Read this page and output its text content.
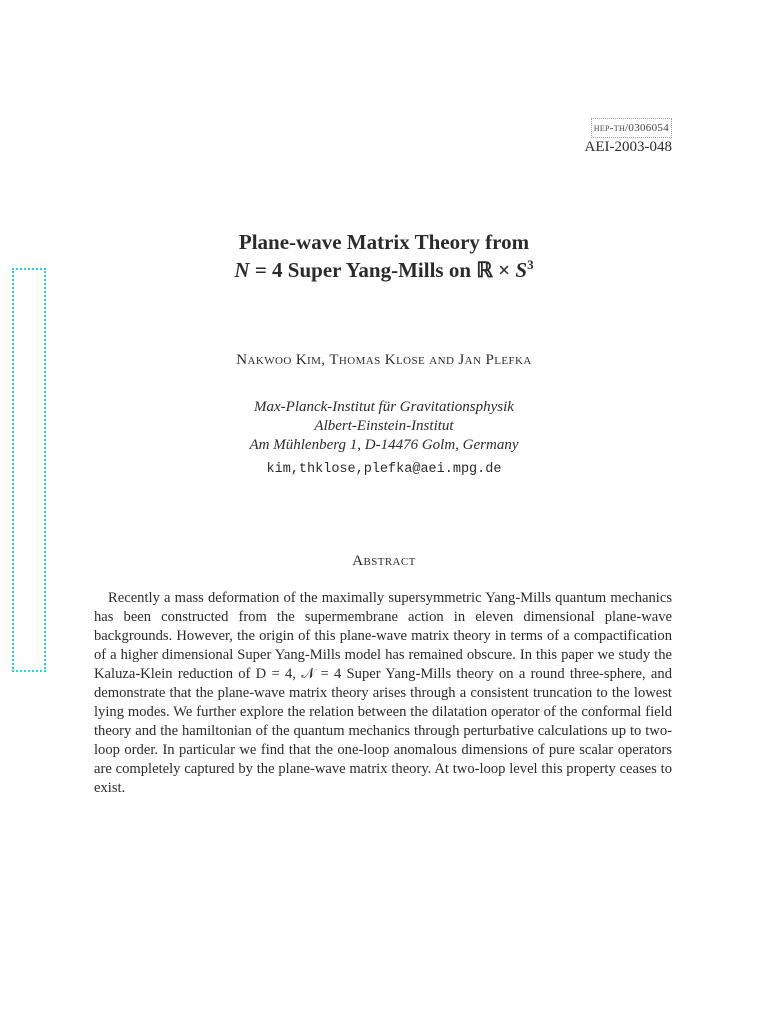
hep-th/0306054
AEI-2003-048
Plane-wave Matrix Theory from
N = 4 Super Yang-Mills on ℝ × $S^3$
Nakwoo Kim, Thomas Klose and Jan Plefka
Max-Planck-Institut für Gravitationsphysik
Albert-Einstein-Institut
Am Mühlenberg 1, D-14476 Golm, Germany
kim,thklose,plefka@aei.mpg.de
Abstract

Recently a mass deformation of the maximally supersymmetric Yang-Mills quantum mechanics has been constructed from the supermembrane action in eleven dimensional plane-wave backgrounds. However, the origin of this plane-wave matrix theory in terms of a compactification of a higher dimensional Super Yang-Mills model has remained obscure. In this paper we study the Kaluza-Klein reduction of D = 4, 𝒩 = 4 Super Yang-Mills theory on a round three-sphere, and demonstrate that the plane-wave matrix theory arises through a consistent truncation to the lowest lying modes. We further explore the relation between the dilatation operator of the conformal field theory and the hamiltonian of the quantum mechanics through perturbative calculations up to two-loop order. In particular we find that the one-loop anomalous dimensions of pure scalar operators are completely captured by the plane-wave matrix theory. At two-loop level this property ceases to exist.
